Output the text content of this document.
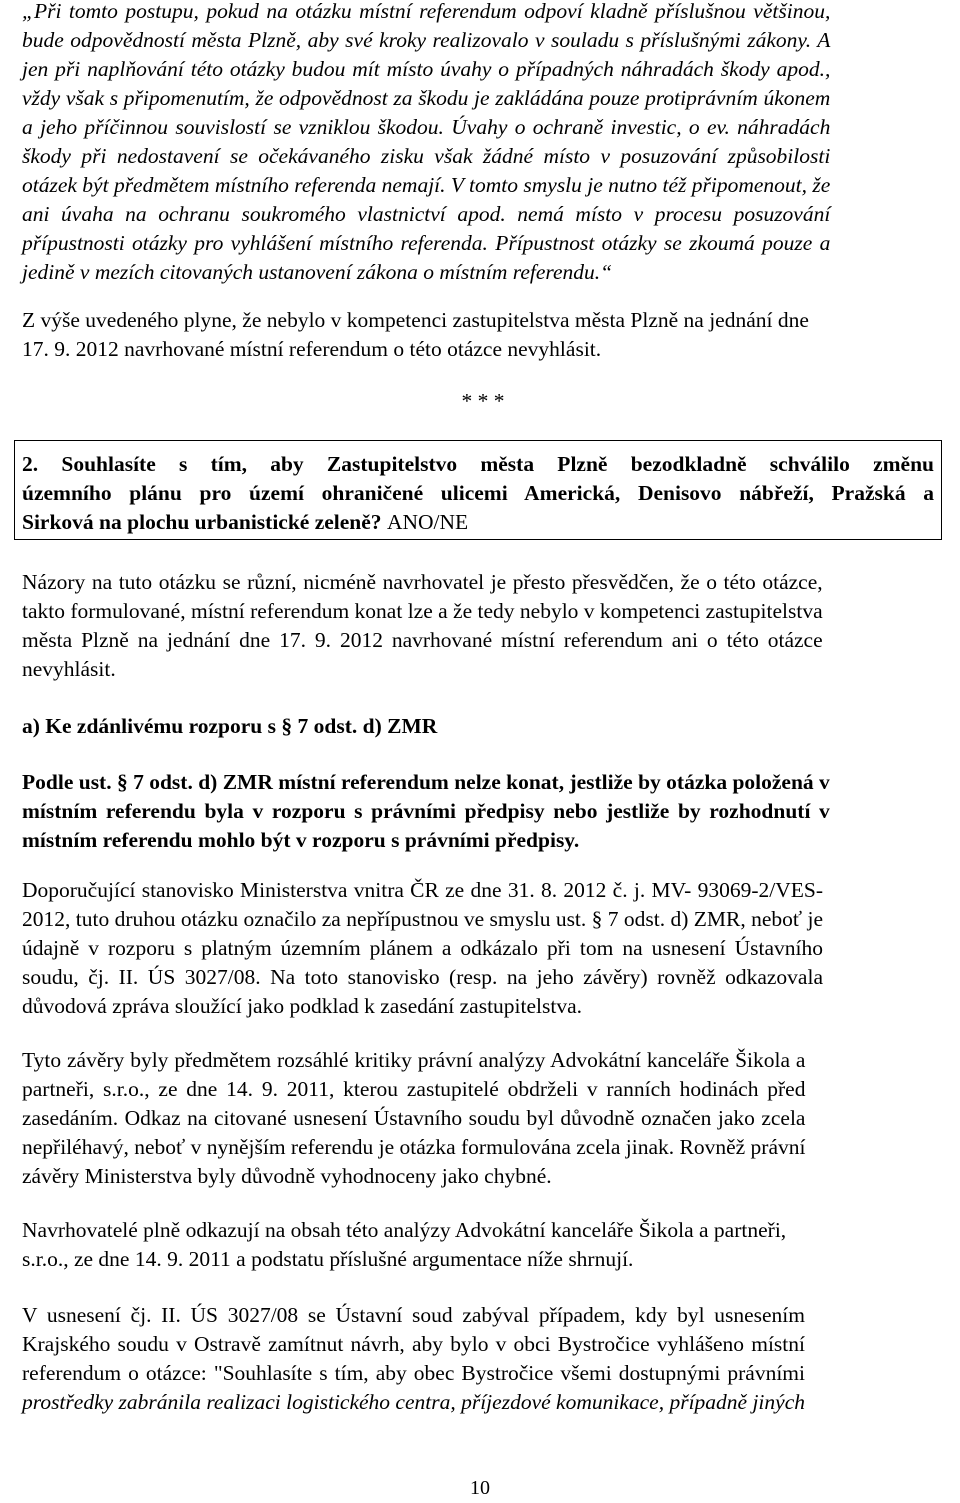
„Při tomto postupu, pokud na otázku místní referendum odpoví kladně příslušnou většinou,
bude odpovědností města Plzně, aby své kroky realizovalo v souladu s příslušnými zákony. A
jen při naplňování této otázky budou mít místo úvahy o případných náhradách škody apod.,
vždy však s připomenutím, že odpovědnost za škodu je zakládána pouze protiprávním úkonem
a jeho příčinnou souvislostí se vzniklou škodou. Úvahy o ochraně investic, o ev. náhradách
škody při nedostavení se očekávaného zisku však žádné místo v posuzování způsobilosti
otázek být předmětem místního referenda nemají. V tomto smyslu je nutno též připomenout, že
ani úvaha na ochranu soukromého vlastnictví apod. nemá místo v procesu posuzování
přípustnosti otázky pro vyhlášení místního referenda. Přípustnost otázky se zkoumá pouze a
jedině v mezích citovaných ustanovení zákona o místním referendu.“
Z výše uvedeného plyne, že nebylo v kompetenci zastupitelstva města Plzně na jednání dne
17. 9. 2012 navrhované místní referendum o této otázce nevyhlásit.
* * *
2. Souhlasíte s tím, aby Zastupitelstvo města Plzně bezodkladně schválilo změnu
územního plánu pro území ohraničené ulicemi Americká, Denisovo nábřeží, Pražská a
Sirková na plochu urbanistické zeleně? ANO/NE
Názory na tuto otázku se různí, nicméně navrhovatel je přesto přesvědčen, že o této otázce,
takto formulované, místní referendum konat lze a že tedy nebylo v kompetenci zastupitelstva
města Plzně na jednání dne 17. 9. 2012 navrhované místní referendum ani o této otázce
nevyhlásit.
a) Ke zdánlivému rozporu s § 7 odst. d) ZMR
Podle ust. § 7 odst. d) ZMR místní referendum nelze konat, jestliže by otázka položená v
místním referendu byla v rozporu s právními předpisy nebo jestliže by rozhodnutí v
místním referendu mohlo být v rozporu s právními předpisy.
Doporučující stanovisko Ministerstva vnitra ČR ze dne 31. 8. 2012 č. j. MV- 93069-2/VES-
2012, tuto druhou otázku označilo za nepřípustnou ve smyslu ust. § 7 odst. d) ZMR, neboť je
údajně v rozporu s platným územním plánem a odkázalo při tom na usnesení Ústavního
soudu, čj. II. ÚS 3027/08. Na toto stanovisko (resp. na jeho závěry) rovněž odkazovala
důvodová zpráva sloužící jako podklad k zasedání zastupitelstva.
Tyto závěry byly předmětem rozsáhlé kritiky právní analýzy Advokátní kanceláře Šikola a
partneři, s.r.o., ze dne 14. 9. 2011, kterou zastupitelé obdrželi v ranních hodinách před
zasedáním. Odkaz na citované usnesení Ústavního soudu byl důvodně označen jako zcela
nepřiléhavý, neboť v nynějším referendu je otázka formulována zcela jinak. Rovněž právní
závěry Ministerstva byly důvodně vyhodnoceny jako chybné.
Navrhovatelé plně odkazují na obsah této analýzy Advokátní kanceláře Šikola a partneři,
s.r.o., ze dne 14. 9. 2011 a podstatu příslušné argumentace níže shrnují.
V usnesení čj. II. ÚS 3027/08 se Ústavní soud zabýval případem, kdy byl usnesením
Krajského soudu v Ostravě zamítnut návrh, aby bylo v obci Bystročice vyhlášeno místní
referendum o otázce: "Souhlasíte s tím, aby obec Bystročice všemi dostupnými právními
prostředky zabránila realizaci logistického centra, příjezdové komunikace, případně jiných
10
